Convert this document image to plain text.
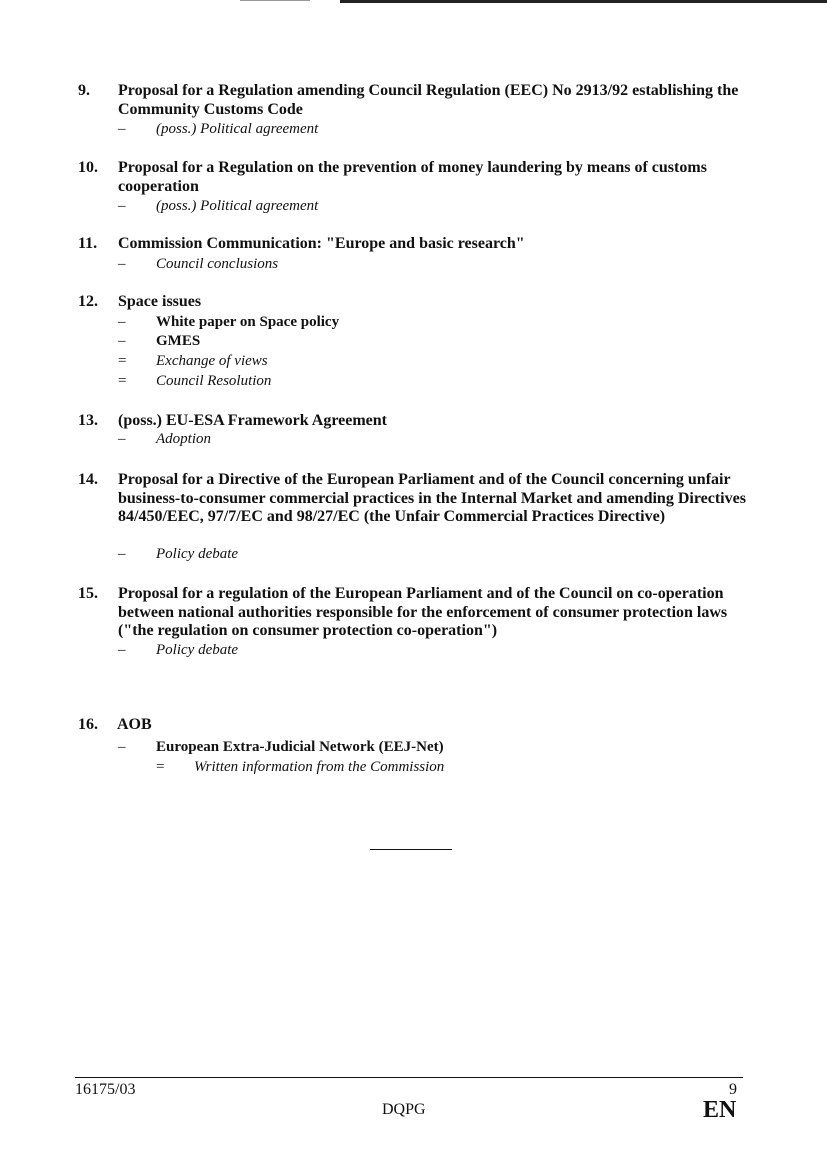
9. Proposal for a Regulation amending Council Regulation (EEC) No 2913/92 establishing the Community Customs Code
– (poss.) Political agreement
10. Proposal for a Regulation on the prevention of money laundering by means of customs cooperation
– (poss.) Political agreement
11. Commission Communication: "Europe and basic research"
– Council conclusions
12. Space issues
– White paper on Space policy
– GMES
= Exchange of views
= Council Resolution
13. (poss.) EU-ESA Framework Agreement
– Adoption
14. Proposal for a Directive of the European Parliament and of the Council concerning unfair business-to-consumer commercial practices in the Internal Market and amending Directives 84/450/EEC, 97/7/EC and 98/27/EC (the Unfair Commercial Practices Directive)
– Policy debate
15. Proposal for a regulation of the European Parliament and of the Council on co-operation between national authorities responsible for the enforcement of consumer protection laws ("the regulation on consumer protection co-operation")
– Policy debate
16. AOB
– European Extra-Judicial Network (EEJ-Net)
= Written information from the Commission
16175/03	9
DQPG	EN
